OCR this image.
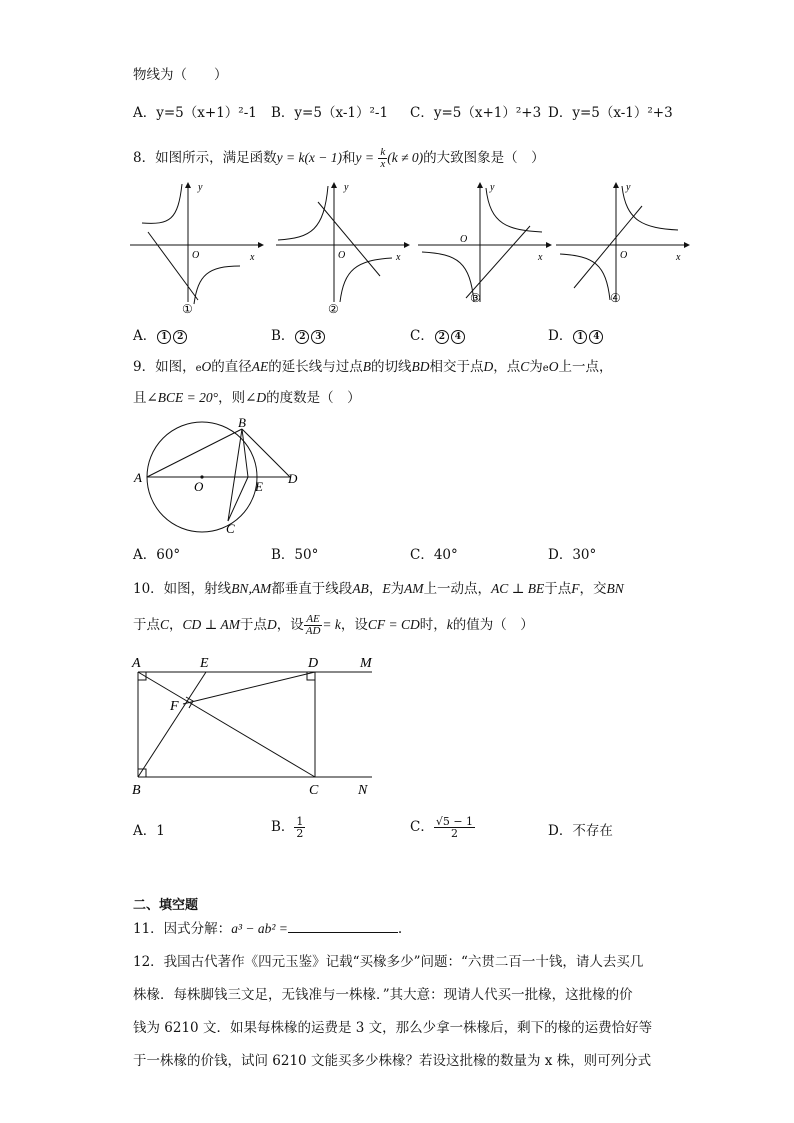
物线为（　　）
A．y=5（x+1）²-1 B．y=5（x-1）²-1 C．y=5（x+1）²+3 D．y=5（x-1）²+3
8．如图所示，满足函数y = k(x − 1)和$y = \frac{k}{x} (k \ne 0)$的大致图象是（　）
y
x
O
①
y
x
O
②
y
x
O
③
y
x
O
④
A． 1 2	B． 2 3	C． 2 4	D． 1 4
9．如图，eO的直径AE的延长线与过点B的切线BD相交于点D，点C为eO上一点，
且∠BCE = 20°，则∠D的度数是（　）
A
B
C
D
E
O
A．60°	B．50°	C．40°	D．30°
10．如图，射线BN,AM都垂直于线段AB，E为AM上一动点，AC ⊥ BE于点F，交BN
于点C，CD ⊥ AM于点D，设 $\frac{AE}{AD} = k$，设CF = CD时，k的值为（　）
A	E	D	M
F
B	C	N
A．1	B． $\frac{1}{2}$	C． $\frac{√5 - 1}{2}$	D．不存在
二、填空题
11．因式分解：a³ − ab² =	.
12．我国古代著作《四元玉鉴》记载“买椽多少”问题：“六贯二百一十钱，请人去买几
株椽．每株脚钱三文足，无钱准与一株椽．”其大意：现请人代买一批椽，这批椽的价
钱为 6210 文．如果每株椽的运费是 3 文，那么少拿一株椽后，剩下的椽的运费恰好等
于一株椽的价钱，试问 6210 文能买多少株椽？若设这批椽的数量为 x 株，则可列分式
